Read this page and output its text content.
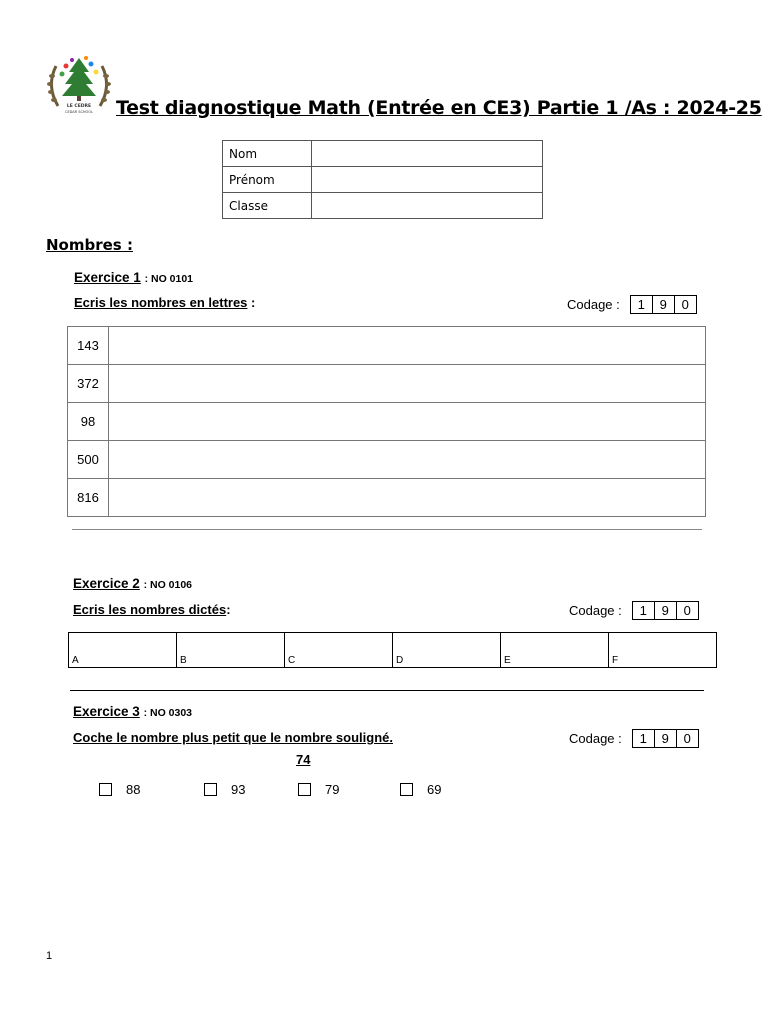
LE CEDRE
CEDAR SCHOOL Test diagnostique Math (Entrée en CE3) Partie 1 /As : 2024-25
Nom	
Prénom	
Classe	
Nombres :
Exercice 1 : NO 0101
Ecris les nombres en lettres :	Codage :	1	9	0
143	
372	
98	
500	
816	
Exercice 2 : NO 0106
Ecris les nombres dictés:	Codage :	1	9	0
A	B	C	D	E	F
Exercice 3 : NO 0303
Coche le nombre plus petit que le nombre souligné.	Codage :	1	9	0
74
88	93	79	69
1
